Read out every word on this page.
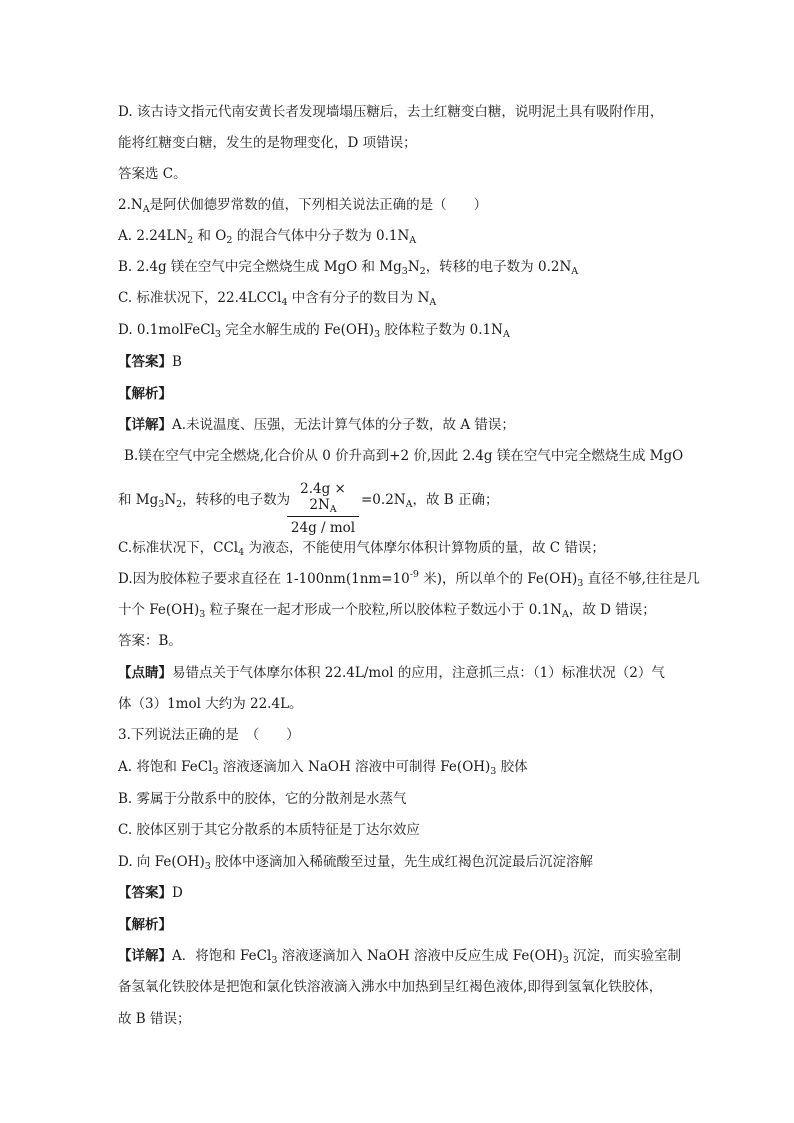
D. 该古诗文指元代南安黄长者发现墙塌压糖后，去土红糖变白糖，说明泥土具有吸附作用，
能将红糖变白糖，发生的是物理变化，D 项错误；
答案选 C。
$2.N_A$是阿伏伽德罗常数的值，下列相关说法正确的是（　　）
A. $2.24LN_2$ 和 $O_2$ 的混合气体中分子数为 $0.1N_A$
B. 2.4g 镁在空气中完全燃烧生成 MgO 和 $Mg_3N_2$，转移的电子数为 $0.2N_A$
C. 标准状况下，22.4LCCl$_4$ 中含有分子的数目为 $N_A$
D. 0.1molFeCl$_3$ 完全水解生成的 $Fe(OH)_3$ 胶体粒子数为 $0.1N_A$
【答案】B
【解析】
【详解】A.未说温度、压强，无法计算气体的分子数，故 A 错误；
B.镁在空气中完全燃烧,化合价从 0 价升高到+2 价,因此 2.4g 镁在空气中完全燃烧生成 MgO
和 $Mg_3N_2$，转移的电子数为
$2.4g \times 2N_A$
24g / mol
$=0.2N_A$，故 B 正确；
C.标准状况下，CCl$_4$ 为液态，不能使用气体摩尔体积计算物质的量，故 C 错误；
D.因为胶体粒子要求直径在 $1-100nm(1nm=10^{-9}$ 米)，所以单个的 $Fe(OH)_3$ 直径不够,往往是几
十个 $Fe(OH)_3$ 粒子聚在一起才形成一个胶粒,所以胶体粒子数远小于 $0.1N_A$，故 D 错误；
答案：B。
【点睛】易错点关于气体摩尔体积 22.4L/mol 的应用，注意抓三点：（1）标准状况（2）气
体（3）1mol 大约为 22.4L。
3.下列说法正确的是　（　　）
A. 将饱和 FeCl$_3$ 溶液逐滴加入 NaOH 溶液中可制得 $Fe(OH)_3$ 胶体
B. 雾属于分散系中的胶体，它的分散剂是水蒸气
C. 胶体区别于其它分散系的本质特征是丁达尔效应
D. 向 $Fe(OH)_3$ 胶体中逐滴加入稀硫酸至过量，先生成红褐色沉淀最后沉淀溶解
【答案】D
【解析】
【详解】A．将饱和 FeCl$_3$ 溶液逐滴加入 NaOH 溶液中反应生成 $Fe(OH)_3$ 沉淀，而实验室制
备氢氧化铁胶体是把饱和氯化铁溶液滴入沸水中加热到呈红褐色液体,即得到氢氧化铁胶体，
故 B 错误；
